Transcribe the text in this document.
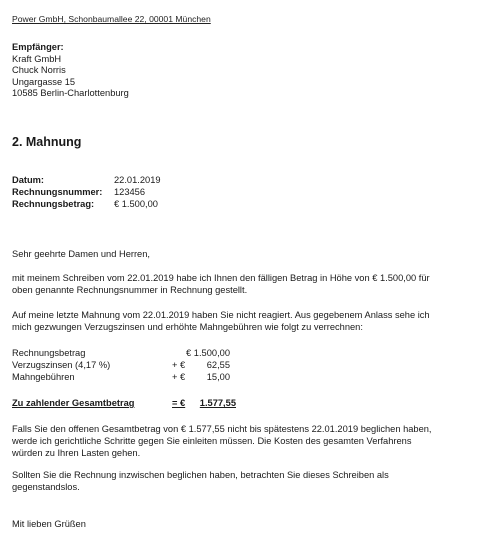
Power GmbH, Schonbaumallee 22, 00001 München
Empfänger:
Kraft GmbH
Chuck Norris
Ungargasse 15
10585 Berlin-Charlottenburg
2. Mahnung
Datum:	22.01.2019
Rechnungsnummer:	123456
Rechnungsbetrag:	€ 1.500,00
Sehr geehrte Damen und Herren,
mit meinem Schreiben vom 22.01.2019 habe ich Ihnen den fälligen Betrag in Höhe von € 1.500,00 für
oben genannte Rechnungsnummer in Rechnung gestellt.
Auf meine letzte Mahnung vom 22.01.2019 haben Sie nicht reagiert. Aus gegebenem Anlass sehe ich
mich gezwungen Verzugszinsen und erhöhte Mahngebühren wie folgt zu verrechnen:
Rechnungsbetrag	€ 1.500,00
Verzugszinsen (4,17 %)	+ €	62,55
Mahngebühren	+ €	15,00
Zu zahlender Gesamtbetrag	= €	1.577,55
Falls Sie den offenen Gesamtbetrag von € 1.577,55 nicht bis spätestens 22.01.2019 beglichen haben,
werde ich gerichtliche Schritte gegen Sie einleiten müssen. Die Kosten des gesamten Verfahrens
würden zu Ihren Lasten gehen.
Sollten Sie die Rechnung inzwischen beglichen haben, betrachten Sie dieses Schreiben als
gegenstandslos.
Mit lieben Grüßen
